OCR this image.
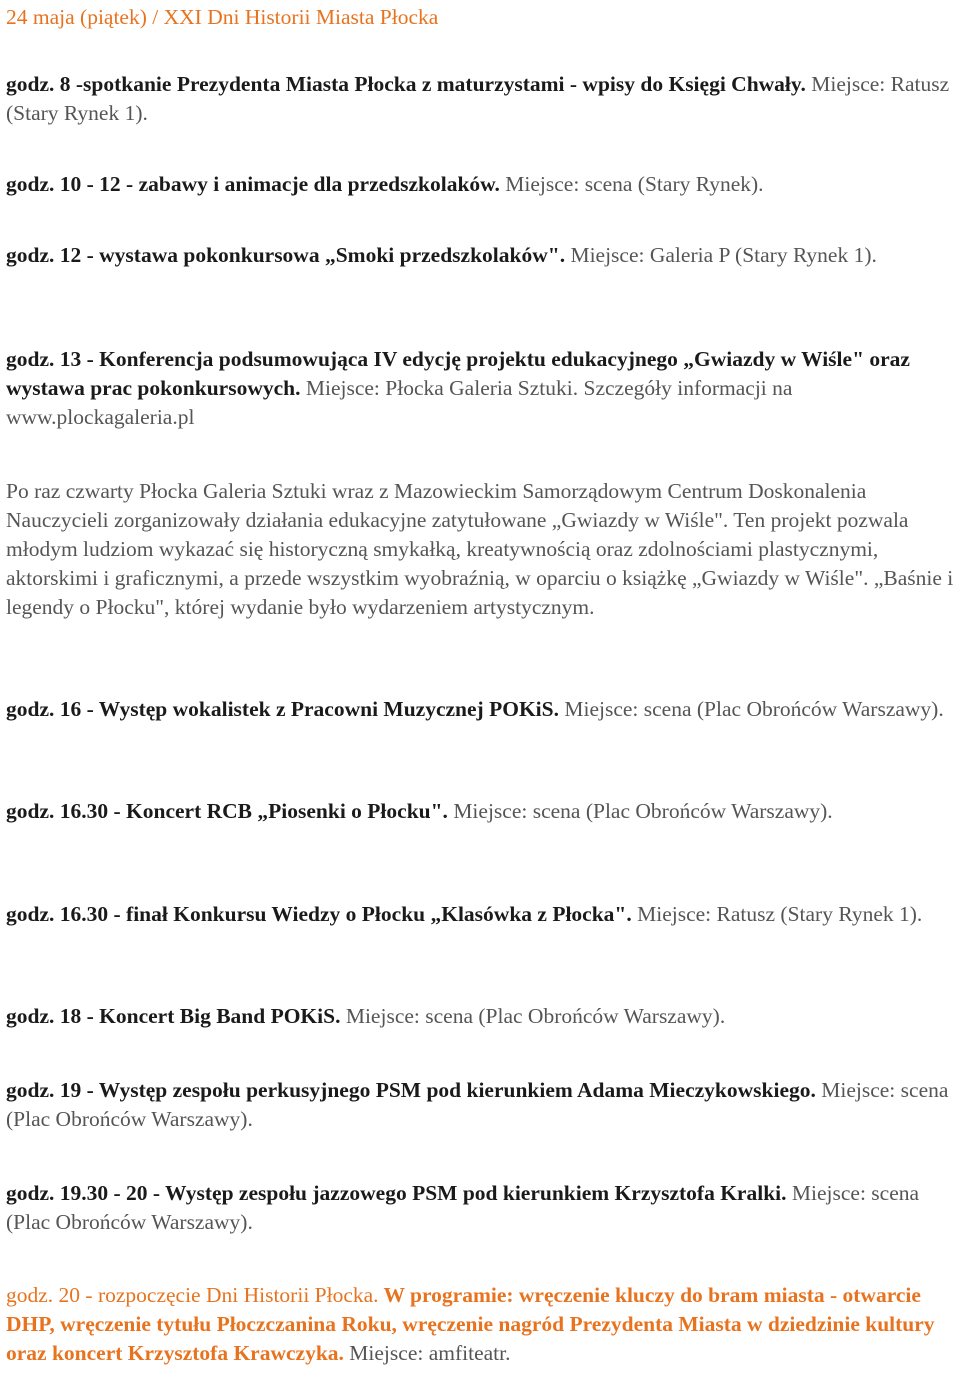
24 maja (piątek) / XXI Dni Historii Miasta Płocka

godz. 8 -spotkanie Prezydenta Miasta Płocka z maturzystami - wpisy do Księgi Chwały. Miejsce: Ratusz (Stary Rynek 1).

godz. 10 - 12 - zabawy i animacje dla przedszkolaków. Miejsce: scena (Stary Rynek).

godz. 12 - wystawa pokonkursowa „Smoki przedszkolaków". Miejsce: Galeria P (Stary Rynek 1).

godz. 13 - Konferencja podsumowująca IV edycję projektu edukacyjnego „Gwiazdy w Wiśle" oraz wystawa prac pokonkursowych. Miejsce: Płocka Galeria Sztuki. Szczegóły informacji na www.plockagaleria.pl

Po raz czwarty Płocka Galeria Sztuki wraz z Mazowieckim Samorządowym Centrum Doskonalenia Nauczycieli zorganizowały działania edukacyjne zatytułowane „Gwiazdy w Wiśle". Ten projekt pozwala młodym ludziom wykazać się historyczną smykałką, kreatywnością oraz zdolnościami plastycznymi, aktorskimi i graficznymi, a przede wszystkim wyobraźnią, w oparciu o książkę „Gwiazdy w Wiśle". „Baśnie i legendy o Płocku", której wydanie było wydarzeniem artystycznym.

godz. 16 - Występ wokalistek z Pracowni Muzycznej POKiS. Miejsce: scena (Plac Obrońców Warszawy).

godz. 16.30 - Koncert RCB „Piosenki o Płocku". Miejsce: scena (Plac Obrońców Warszawy).

godz. 16.30 - finał Konkursu Wiedzy o Płocku „Klasówka z Płocka". Miejsce: Ratusz (Stary Rynek 1).

godz. 18 - Koncert Big Band POKiS. Miejsce: scena (Plac Obrońców Warszawy).

godz. 19 - Występ zespołu perkusyjnego PSM pod kierunkiem Adama Mieczykowskiego. Miejsce: scena (Plac Obrońców Warszawy).

godz. 19.30 - 20 - Występ zespołu jazzowego PSM pod kierunkiem Krzysztofa Kralki. Miejsce: scena (Plac Obrońców Warszawy).

godz. 20 - rozpoczęcie Dni Historii Płocka. W programie: wręczenie kluczy do bram miasta - otwarcie DHP, wręczenie tytułu Płoczczanina Roku, wręczenie nagród Prezydenta Miasta w dziedzinie kultury oraz koncert Krzysztofa Krawczyka. Miejsce: amfiteatr.
